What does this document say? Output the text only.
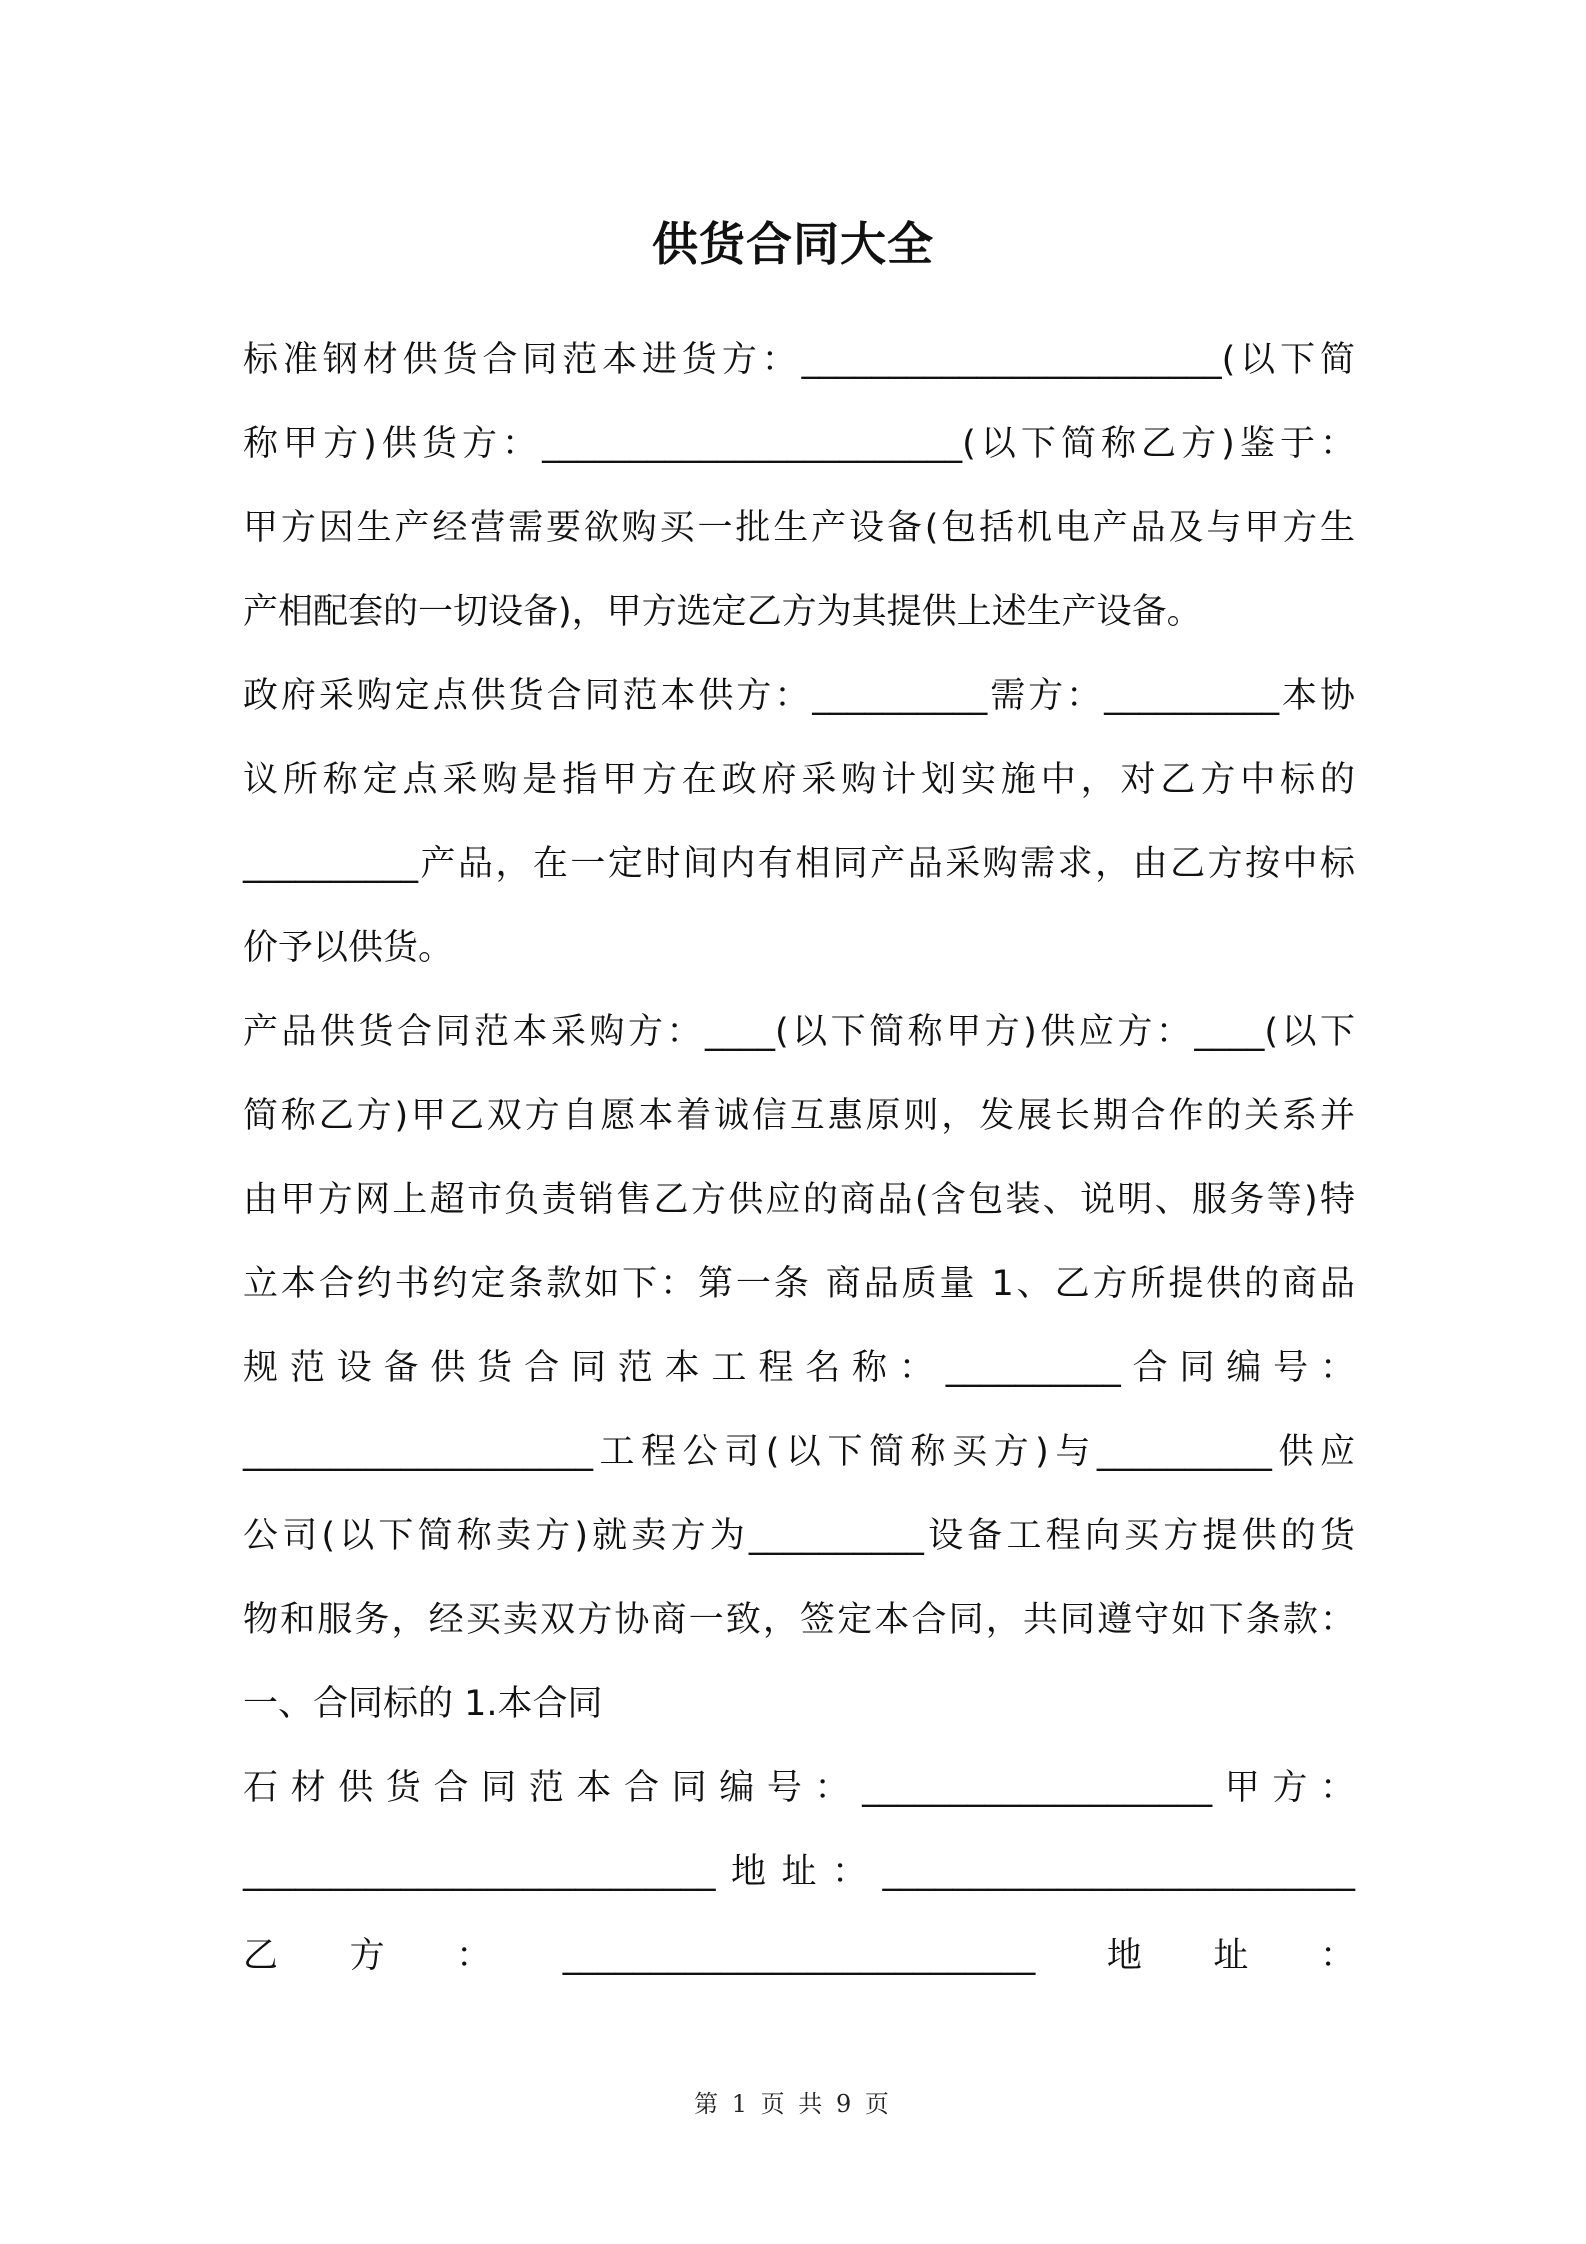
供货合同大全
标准钢材供货合同范本进货方：________________________(以下简
称甲方)供货方：________________________(以下简称乙方)鉴于：
甲方因生产经营需要欲购买一批生产设备(包括机电产品及与甲方生
产相配套的一切设备)，甲方选定乙方为其提供上述生产设备。
政府采购定点供货合同范本供方：__________需方：__________本协
议所称定点采购是指甲方在政府采购计划实施中，对乙方中标的
__________产品，在一定时间内有相同产品采购需求，由乙方按中标
价予以供货。
产品供货合同范本采购方：____(以下简称甲方)供应方：____(以下
简称乙方)甲乙双方自愿本着诚信互惠原则，发展长期合作的关系并
由甲方网上超市负责销售乙方供应的商品(含包装、说明、服务等)特
立本合约书约定条款如下：第一条 商品质量 1、乙方所提供的商品
规范设备供货合同范本工程名称：__________合同编号：
____________________工程公司(以下简称买方)与__________供应
公司(以下简称卖方)就卖方为__________设备工程向买方提供的货
物和服务，经买卖双方协商一致，签定本合同，共同遵守如下条款：
一、合同标的 1.本合同
石材供货合同范本合同编号：____________________甲方：
___________________________地址：___________________________
乙方：___________________________地址：
第 1 页 共 9 页
